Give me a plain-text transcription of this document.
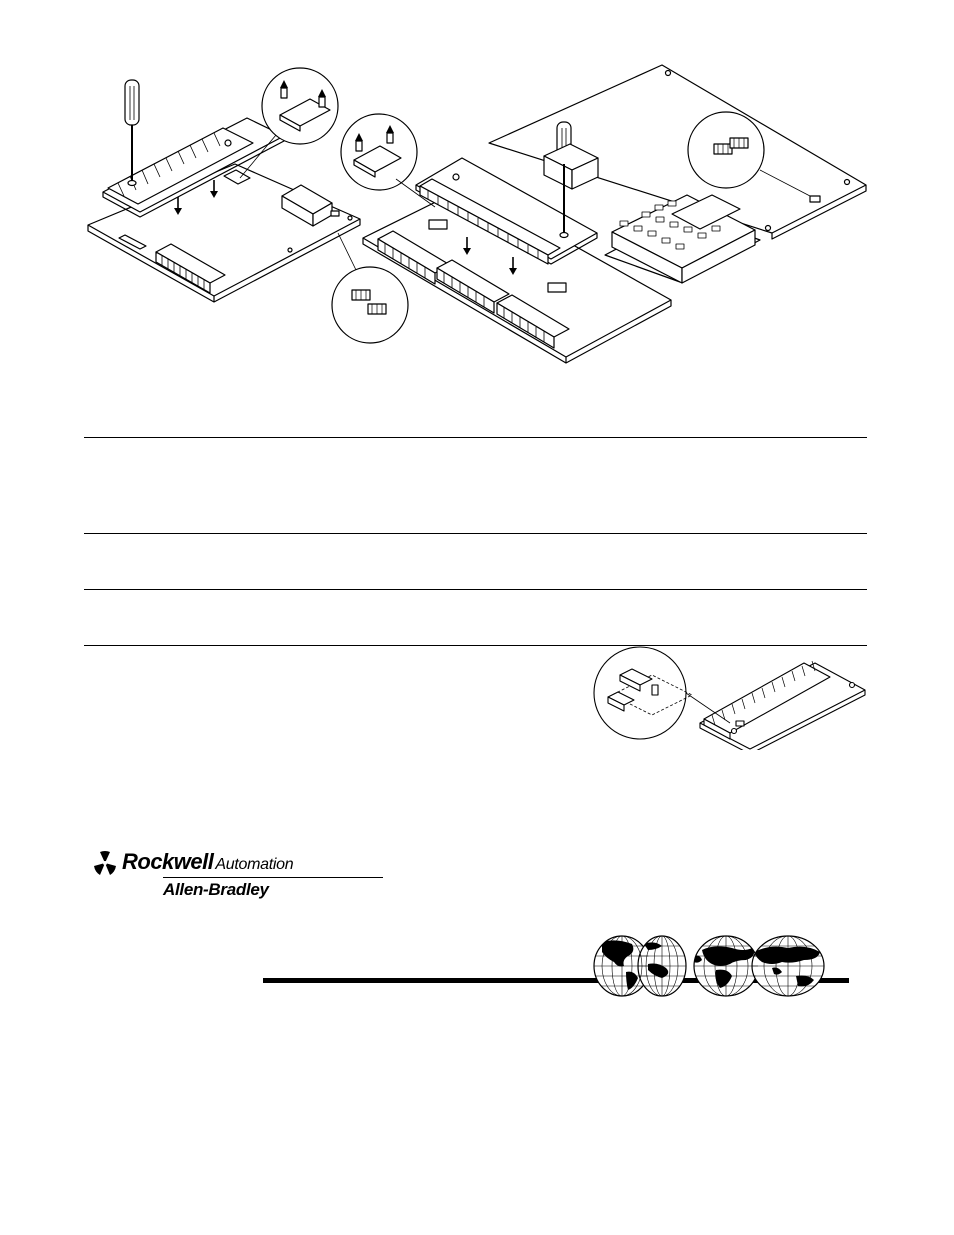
Rockwell Automation
Allen-Bradley
